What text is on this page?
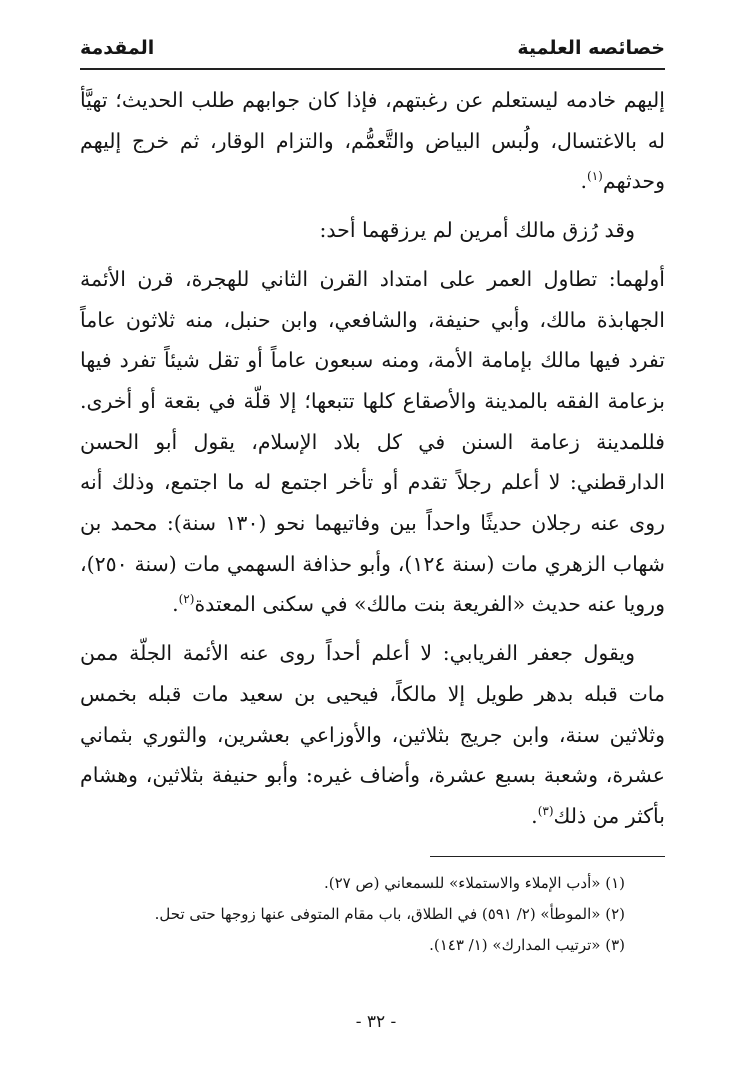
خصائصه العلمية
المقدمة

إليهم خادمه ليستعلم عن رغبتهم، فإذا كان جوابهم طلب الحديث؛ تهيَّأ له بالاغتسال، ولُبس البياض والتَّعمُّم، والتزام الوقار، ثم خرج إليهم وحدثهم$^{(١)}$.

وقد رُزق مالك أمرين لم يرزقهما أحد:

أولهما: تطاول العمر على امتداد القرن الثاني للهجرة، قرن الأئمة الجهابذة مالك، وأبي حنيفة، والشافعي، وابن حنبل، منه ثلاثون عاماً تفرد فيها مالك بإمامة الأمة، ومنه سبعون عاماً أو تقل شيئاً تفرد فيها بزعامة الفقه بالمدينة والأصقاع كلها تتبعها؛ إلا قلّة في بقعة أو أخرى. فللمدينة زعامة السنن في كل بلاد الإسلام، يقول أبو الحسن الدارقطني: لا أعلم رجلاً تقدم أو تأخر اجتمع له ما اجتمع، وذلك أنه روى عنه رجلان حديثًا واحداً بين وفاتيهما نحو (١٣٠ سنة): محمد بن شهاب الزهري مات (سنة ١٢٤)، وأبو حذافة السهمي مات (سنة ٢٥٠)، ورويا عنه حديث «الفريعة بنت مالك» في سكنى المعتدة$^{(٢)}$.

ويقول جعفر الفريابي: لا أعلم أحداً روى عنه الأئمة الجلّة ممن مات قبله بدهر طويل إلا مالكاً، فيحيى بن سعيد مات قبله بخمس وثلاثين سنة، وابن جريج بثلاثين، والأوزاعي بعشرين، والثوري بثماني عشرة، وشعبة بسبع عشرة، وأضاف غيره: وأبو حنيفة بثلاثين، وهشام بأكثر من ذلك$^{(٣)}$.

(١) «أدب الإملاء والاستملاء» للسمعاني (ص ٢٧).
(٢) «الموطأ» (٢/ ٥٩١) في الطلاق، باب مقام المتوفى عنها زوجها حتى تحل.
(٣) «ترتيب المدارك» (١/ ١٤٣).
- ٣٢ -
